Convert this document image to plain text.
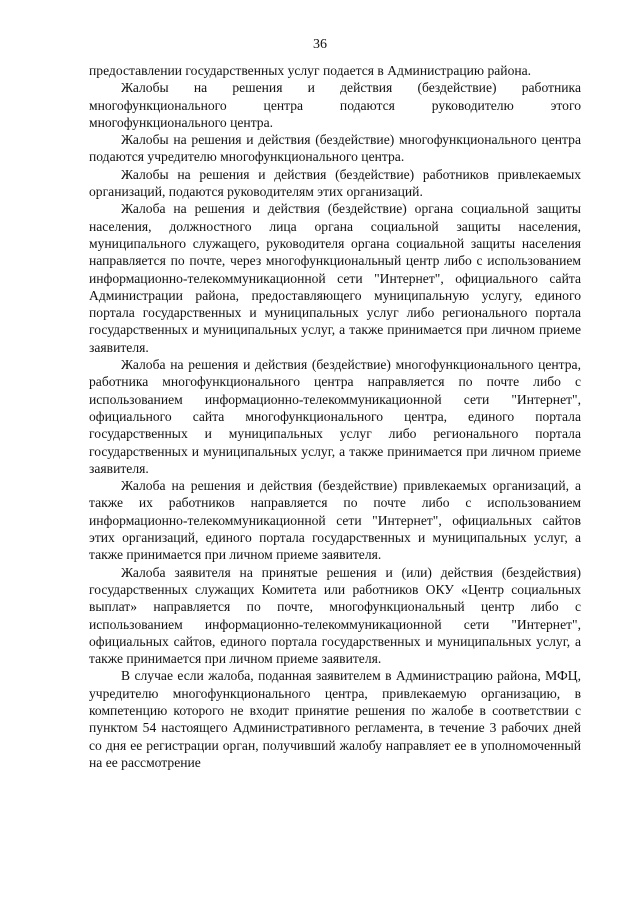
36

предоставлении государственных услуг подается в Администрацию района.

Жалобы на решения и действия (бездействие) работника многофункционального центра подаются руководителю этого многофункционального центра.

Жалобы на решения и действия (бездействие) многофункционального центра подаются учредителю многофункционального центра.

Жалобы на решения и действия (бездействие) работников привлекаемых организаций, подаются руководителям этих организаций.

Жалоба на решения и действия (бездействие) органа социальной защиты населения, должностного лица органа социальной защиты населения, муниципального служащего, руководителя органа социальной защиты населения направляется по почте, через многофункциональный центр либо с использованием информационно-телекоммуникационной сети "Интернет", официального сайта Администрации района, предоставляющего муниципальную услугу, единого портала государственных и муниципальных услуг либо регионального портала государственных и муниципальных услуг, а также принимается при личном приеме заявителя.

Жалоба на решения и действия (бездействие) многофункционального центра, работника многофункционального центра направляется по почте либо с использованием информационно-телекоммуникационной сети "Интернет", официального сайта многофункционального центра, единого портала государственных и муниципальных услуг либо регионального портала государственных и муниципальных услуг, а также принимается при личном приеме заявителя.

Жалоба на решения и действия (бездействие) привлекаемых организаций, а также их работников направляется по почте либо с использованием информационно-телекоммуникационной сети "Интернет", официальных сайтов этих организаций, единого портала государственных и муниципальных услуг, а также принимается при личном приеме заявителя.

Жалоба заявителя на принятые решения и (или) действия (бездействия) государственных служащих Комитета или работников ОКУ «Центр социальных выплат» направляется по почте, многофункциональный центр либо с использованием информационно-телекоммуникационной сети "Интернет", официальных сайтов, единого портала государственных и муниципальных услуг, а также принимается при личном приеме заявителя.

В случае если жалоба, поданная заявителем в Администрацию района, МФЦ, учредителю многофункционального центра, привлекаемую организацию, в компетенцию которого не входит принятие решения по жалобе в соответствии с пунктом 54 настоящего Административного регламента, в течение 3 рабочих дней со дня ее регистрации орган, получивший жалобу направляет ее в уполномоченный на ее рассмотрение
